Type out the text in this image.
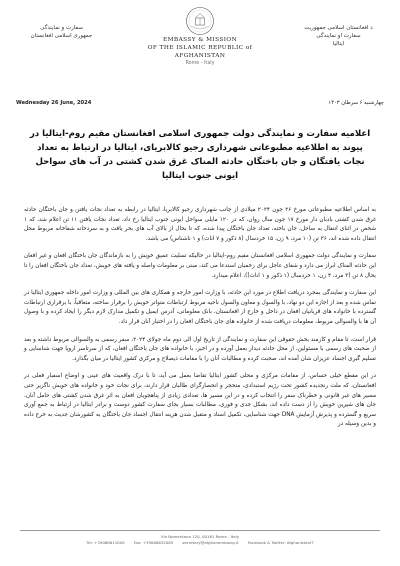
سفارت و نمایندگی
جمهوری اسلامی افغانستان
EMBASSY & MISSION
OF THE ISLAMIC REPUBLIC of AFGHANISTAN
Rome - Italy
د افغانستان اسلامی جمهوریت
سفارت او نمایندگی
ایتالیا
Wednesday 26 June, 2024	چهارشنبه ۶ سرطان ۱۴۰۳
اعلامیه سفارت و نمایندگی دولت جمهوری اسلامی افغانستان مقیم روم-ایتالیا در پیوند به اطلاعیه مطبوعاتی شهرداری رجیو کالابریای، ایتالیا در ارتباط به تعداد نجات یافتگان و جان باختگان حادثه المناک غرق شدن کشتی در آب های سواحل ایونی جنوب ایتالیا

به اساس اطلاعیه مطبوعاتی مورخ ۲۶ جون ۲۰۲۴ میلادی از جانب شهرداری رجیو کالابریا، ایتالیا در رابطه به تعداد نجات یافتن و جان باختگان حادثه غرق شدن کشتی بادبان دار مورخ ۱۷ جون سال روان، که در ۱۲۰ مایلی سواحل ایونی جنوب ایتالیا رخ داد، تعداد نجات یافتن ۱۱ تن اعلام شد، که ۱ شخص در اثنای انتقال به ساحل، جان باخته، تعداد جان باختگان پیدا شده، که تا بحال از بالای آب های بحر یافت و به سردخانه شفاخانه مربوط محل انتقال داده شده اند، ۳۶ تن (۱۰ مرد، ۹ زن، ۱۵ خردسال (۸ ذکور و ۷ اناث) و ۱ ناشناس) می باشد.

سفارت و نمایندگی دولت جمهوری اسلامی افغانستان مقیم روم-ایتالیا در حالیکه تسلیت عمیق خویش را به بازماندگان جان باختگان افغان و غیر افغان این حادثه المناک ابراز می دارد و شفای عاجل برای زخمیان استدعا می کند، مبنی بر معلومات واصله و یافته های خویش، تعداد جان باختگان افغان را تا بحال ۸ تن (۳ مرد، ۴ زن، ۱ خردسال (۱ ذکور و ۱ اناث))، اعلام میدارد.

این سفارت و نمایندگی بمجرد دریافت اطلاع در مورد این حادثه، با وزارت امور خارجه و همکاری های بین المللی و وزارت امور داخله جمهوری ایتالیا در تماس شده و بعد از اجازه این دو نهاد، با والسول و معاون والسول ناحیه مربوط ارتباطات متواتر خویش را برقرار ساخته، متعاقباً، با برقراری ارتباطات گسترده با خانواده های قربانیان افغان در داخل و خارج از افغانستان، بانک معلوماتی، آدرس ایمیل و تکمیل مدارک لازم دیگر را ایجاد کرده و با وصول آن ها با والسوالی مربوط، معلومات دریافت شده از خانواده های جان باختگان افغان را در اختیار آنان قرار داد.

قرار است، تا مقام و کارمند بخش حقوقی این سفارت و نمایندگی از تاریخ اول الی دوم ماه جولای ۲۰۲۴، سفر رسمی به والسوالی مربوط داشته و بعد از صحبت های رسمی با مسئولین، از محل حادثه دیدار بعمل آورده و در اخیر، با خانواده های جان باختگان افغان، که از سرتاسر اروپا جهت شناسایی و تسلیم گیری اجساد عزیزان شان آمده اند، صحبت کرده و مطالبات آنان را با مقامات ذیصلاح و مرکزی کشور ایتالیا در میان بگذارد.

در این مقطع خیلی حساس، از مقامات مرکزی و محلی کشور ایتالیا تقاضا بعمل می آید، تا با درک واقعیت های عینی و اوضاع اسفبار فعلی در افغانستان، که ملت رنجدیده کشور تحت رژیم استبدادی، متحجر و انحصارگرای طالبان قرار دارند، برای نجات خود و خانواده های خویش ناگزیر حتی مسیر های غیر قانونی و خطرناک سفر را انتخاب کرده و در این مسیر ها، تعدادی زیادی از پناهجویان افغان به اثر غرق شدن کشتی های حامل آنان، جان های شیرین خویش را از دست داده اند، بشکل جدی و فوری، مطالبات بسیار بجای سفارت کشور دوست و برادر ایتالیا در ارتباط به جمع آوری سریع و گسترده و پذیرش آزمایش DNA جهت شناسایی، تکمیل اسناد و متقبل شدن هزینه انتقال اجساد جان باختگان به کشورشان جدیت به خرج داده و بدین وسیله در

Via Nomentana 120, 00161 Rome - Italy
Tel: +39068611009 Fax: +39068632065 secretary@afghanembassy.it Facebook & Twitter: AfghanistanIT
